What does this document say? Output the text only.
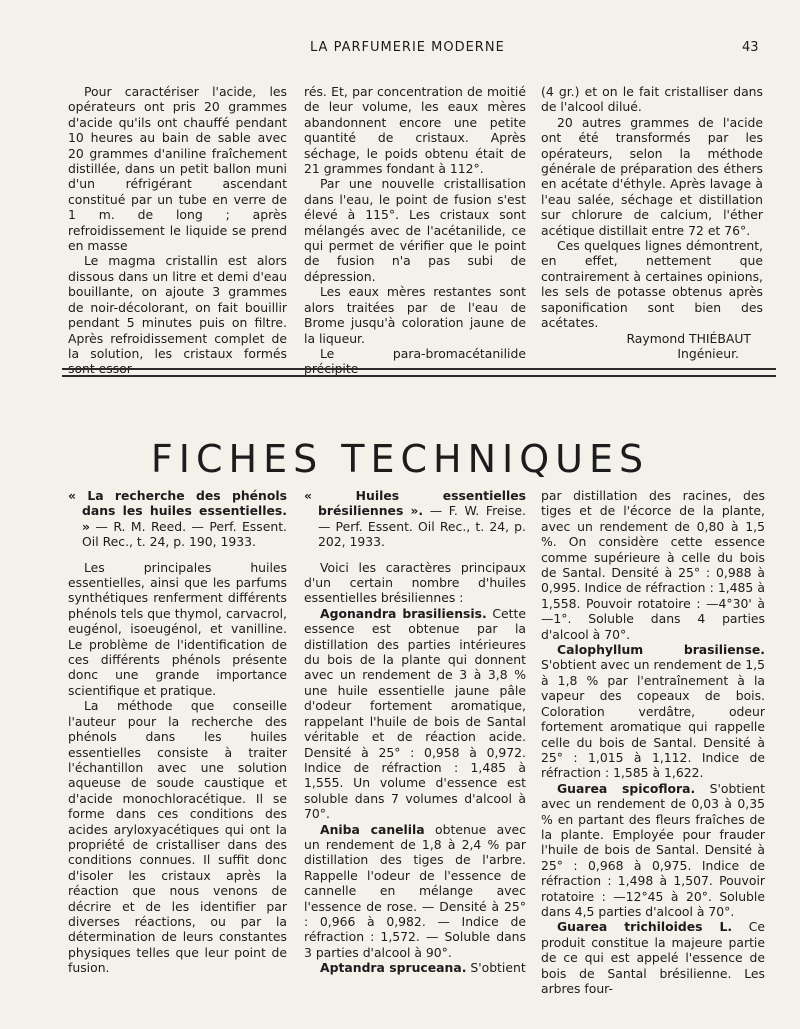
LA PARFUMERIE MODERNE	43

Pour caractériser l'acide, les opérateurs ont pris 20 grammes d'acide qu'ils ont chauffé pendant 10 heures au bain de sable avec 20 grammes d'aniline fraîchement distillée, dans un petit ballon muni d'un réfrigérant ascendant constitué par un tube en verre de 1 m. de long ; après refroidissement le liquide se prend en masse

Le magma cristallin est alors dissous dans un litre et demi d'eau bouillante, on ajoute 3 grammes de noir-décolorant, on fait bouillir pendant 5 minutes puis on filtre. Après refroidissement complet de la solution, les cristaux formés sont essor-

rés. Et, par concentration de moitié de leur volume, les eaux mères abandonnent encore une petite quantité de cristaux. Après séchage, le poids obtenu était de 21 grammes fondant à 112°.

Par une nouvelle cristallisation dans l'eau, le point de fusion s'est élevé à 115°. Les cristaux sont mélangés avec de l'acétanilide, ce qui permet de vérifier que le point de fusion n'a pas subi de dépression.

Les eaux mères restantes sont alors traitées par de l'eau de Brome jusqu'à coloration jaune de la liqueur.

Le para-bromacétanilide précipite

(4 gr.) et on le fait cristalliser dans de l'alcool dilué.

20 autres grammes de l'acide ont été transformés par les opérateurs, selon la méthode générale de préparation des éthers en acétate d'éthyle. Après lavage à l'eau salée, séchage et distillation sur chlorure de calcium, l'éther acétique distillait entre 72 et 76°.

Ces quelques lignes démontrent, en effet, nettement que contrairement à certaines opinions, les sels de potasse obtenus après saponification sont bien des acétates.

Raymond THIÉBAUT
Ingénieur.

FICHES TECHNIQUES

« La recherche des phénols dans les huiles essentielles. » — R. M. Reed. — Perf. Essent. Oil Rec., t. 24, p. 190, 1933.

Les principales huiles essentielles, ainsi que les parfums synthétiques renferment différents phénols tels que thymol, carvacrol, eugénol, isoeugénol, et vanilline. Le problème de l'identification de ces différents phénols présente donc une grande importance scientifique et pratique.

La méthode que conseille l'auteur pour la recherche des phénols dans les huiles essentielles consiste à traiter l'échantillon avec une solution aqueuse de soude caustique et d'acide monochloracétique. Il se forme dans ces conditions des acides aryloxyacétiques qui ont la propriété de cristalliser dans des conditions connues. Il suffit donc d'isoler les cristaux après la réaction que nous venons de décrire et de les identifier par diverses réactions, ou par la détermination de leurs constantes physiques telles que leur point de fusion.

« Huiles essentielles brésiliennes ». — F. W. Freise. — Perf. Essent. Oil Rec., t. 24, p. 202, 1933.

Voici les caractères principaux d'un certain nombre d'huiles essentielles brésiliennes :

Agonandra brasiliensis. Cette essence est obtenue par la distillation des parties intérieures du bois de la plante qui donnent avec un rendement de 3 à 3,8 % une huile essentielle jaune pâle d'odeur fortement aromatique, rappelant l'huile de bois de Santal véritable et de réaction acide. Densité à 25° : 0,958 à 0,972. Indice de réfraction : 1,485 à 1,555. Un volume d'essence est soluble dans 7 volumes d'alcool à 70°.

Aniba canelila obtenue avec un rendement de 1,8 à 2,4 % par distillation des tiges de l'arbre. Rappelle l'odeur de l'essence de cannelle en mélange avec l'essence de rose. — Densité à 25° : 0,966 à 0,982. — Indice de réfraction : 1,572. — Soluble dans 3 parties d'alcool à 90°.

Aptandra spruceana. S'obtient

par distillation des racines, des tiges et de l'écorce de la plante, avec un rendement de 0,80 à 1,5 %. On considère cette essence comme supérieure à celle du bois de Santal. Densité à 25° : 0,988 à 0,995. Indice de réfraction : 1,485 à 1,558. Pouvoir rotatoire : —4°30' à —1°. Soluble dans 4 parties d'alcool à 70°.

Calophyllum brasiliense. S'obtient avec un rendement de 1,5 à 1,8 % par l'entraînement à la vapeur des copeaux de bois. Coloration verdâtre, odeur fortement aromatique qui rappelle celle du bois de Santal. Densité à 25° : 1,015 à 1,112. Indice de réfraction : 1,585 à 1,622.

Guarea spicoflora. S'obtient avec un rendement de 0,03 à 0,35 % en partant des fleurs fraîches de la plante. Employée pour frauder l'huile de bois de Santal. Densité à 25° : 0,968 à 0,975. Indice de réfraction : 1,498 à 1,507. Pouvoir rotatoire : —12°45 à 20°. Soluble dans 4,5 parties d'alcool à 70°.

Guarea trichiloides L. Ce produit constitue la majeure partie de ce qui est appelé l'essence de bois de Santal brésilienne. Les arbres four-
